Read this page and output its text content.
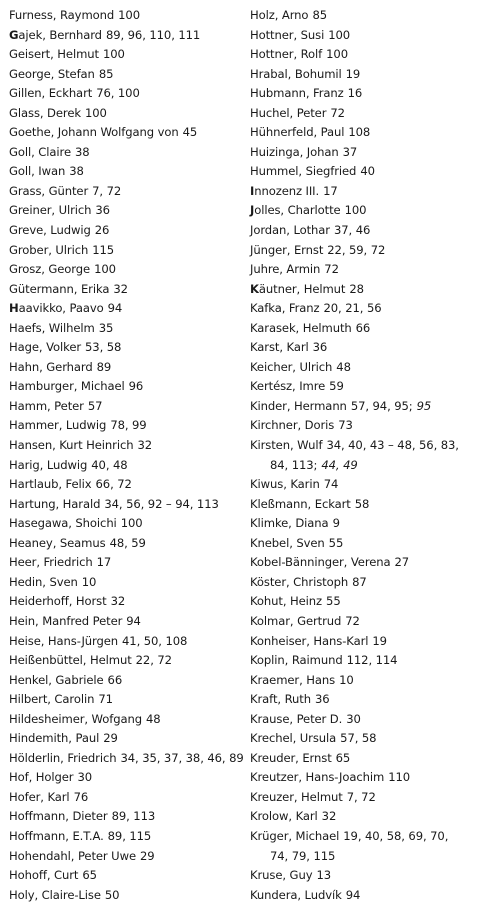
Furness, Raymond 100
Gajek, Bernhard 89, 96, 110, 111
Geisert, Helmut 100
George, Stefan 85
Gillen, Eckhart 76, 100
Glass, Derek 100
Goethe, Johann Wolfgang von 45
Goll, Claire 38
Goll, Iwan 38
Grass, Günter 7, 72
Greiner, Ulrich 36
Greve, Ludwig 26
Grober, Ulrich 115
Grosz, George 100
Gütermann, Erika 32
Haavikko, Paavo 94
Haefs, Wilhelm 35
Hage, Volker 53, 58
Hahn, Gerhard 89
Hamburger, Michael 96
Hamm, Peter 57
Hammer, Ludwig 78, 99
Hansen, Kurt Heinrich 32
Harig, Ludwig 40, 48
Hartlaub, Felix 66, 72
Hartung, Harald 34, 56, 92 – 94, 113
Hasegawa, Shoichi 100
Heaney, Seamus 48, 59
Heer, Friedrich 17
Hedin, Sven 10
Heiderhoff, Horst 32
Hein, Manfred Peter 94
Heise, Hans-Jürgen 41, 50, 108
Heißenbüttel, Helmut 22, 72
Henkel, Gabriele 66
Hilbert, Carolin 71
Hildesheimer, Wofgang 48
Hindemith, Paul 29
Hölderlin, Friedrich 34, 35, 37, 38, 46, 89
Hof, Holger 30
Hofer, Karl 76
Hoffmann, Dieter 89, 113
Hoffmann, E.T.A. 89, 115
Hohendahl, Peter Uwe 29
Hohoff, Curt 65
Holy, Claire-Lise 50
Holz, Arno 85
Hottner, Susi 100
Hottner, Rolf 100
Hrabal, Bohumil 19
Hubmann, Franz 16
Huchel, Peter 72
Hühnerfeld, Paul 108
Huizinga, Johan 37
Hummel, Siegfried 40
Innozenz III. 17
Jolles, Charlotte 100
Jordan, Lothar 37, 46
Jünger, Ernst 22, 59, 72
Juhre, Armin 72
Käutner, Helmut 28
Kafka, Franz 20, 21, 56
Karasek, Helmuth 66
Karst, Karl 36
Keicher, Ulrich 48
Kertész, Imre 59
Kinder, Hermann 57, 94, 95; 95
Kirchner, Doris 73
Kirsten, Wulf 34, 40, 43 – 48, 56, 83,
84, 113; 44, 49
Kiwus, Karin 74
Kleßmann, Eckart 58
Klimke, Diana 9
Knebel, Sven 55
Kobel-Bänninger, Verena 27
Köster, Christoph 87
Kohut, Heinz 55
Kolmar, Gertrud 72
Konheiser, Hans-Karl 19
Koplin, Raimund 112, 114
Kraemer, Hans 10
Kraft, Ruth 36
Krause, Peter D. 30
Krechel, Ursula 57, 58
Kreuder, Ernst 65
Kreutzer, Hans-Joachim 110
Kreuzer, Helmut 7, 72
Krolow, Karl 32
Krüger, Michael 19, 40, 58, 69, 70,
74, 79, 115
Kruse, Guy 13
Kundera, Ludvík 94
